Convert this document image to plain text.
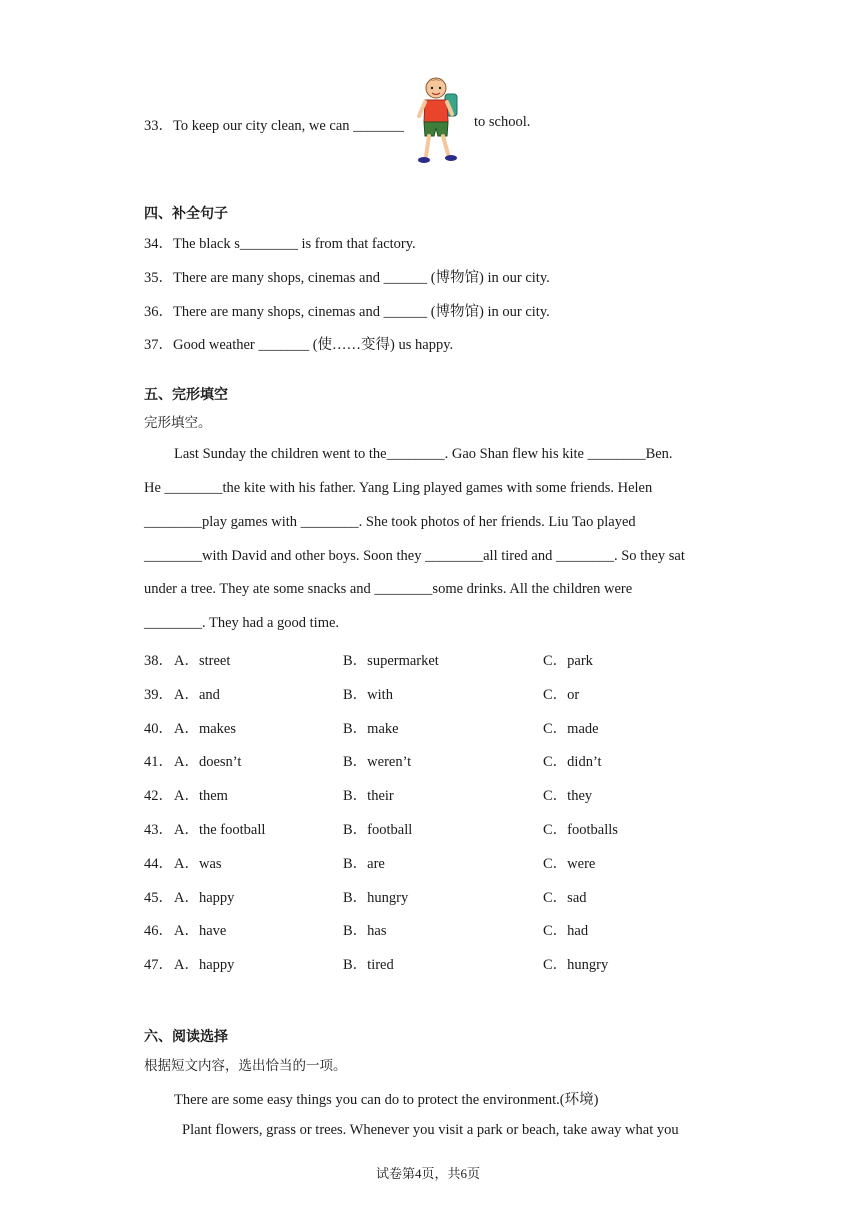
33．To keep our city clean, we can _______	to school.
四、补全句子
34．The black s________ is from that factory.
35．There are many shops, cinemas and ______ (博物馆) in our city.
36．There are many shops, cinemas and ______ (博物馆) in our city.
37．Good weather _______ (使……变得) us happy.
五、完形填空
完形填空。
Last Sunday the children went to the________. Gao Shan flew his kite ________Ben.
He ________the kite with his father. Yang Ling played games with some friends. Helen
________play games with ________. She took photos of her friends. Liu Tao played
________with David and other boys. Soon they ________all tired and ________. So they sat
under a tree. They ate some snacks and ________some drinks. All the children were
________. They had a good time.
38． A．street	B．supermarket	C．park
39． A．and	B．with	C．or
40． A．makes	B．make	C．made
41． A．doesn’t	B．weren’t	C．didn’t
42． A．them	B．their	C．they
43． A．the football	B．football	C．footballs
44． A．was	B．are	C．were
45． A．happy	B．hungry	C．sad
46． A．have	B．has	C．had
47． A．happy	B．tired	C．hungry
六、阅读选择
根据短文内容，选出恰当的一项。
There are some easy things you can do to protect the environment.(环境)
Plant flowers, grass or trees. Whenever you visit a park or beach, take away what you
试卷第4页，共6页
